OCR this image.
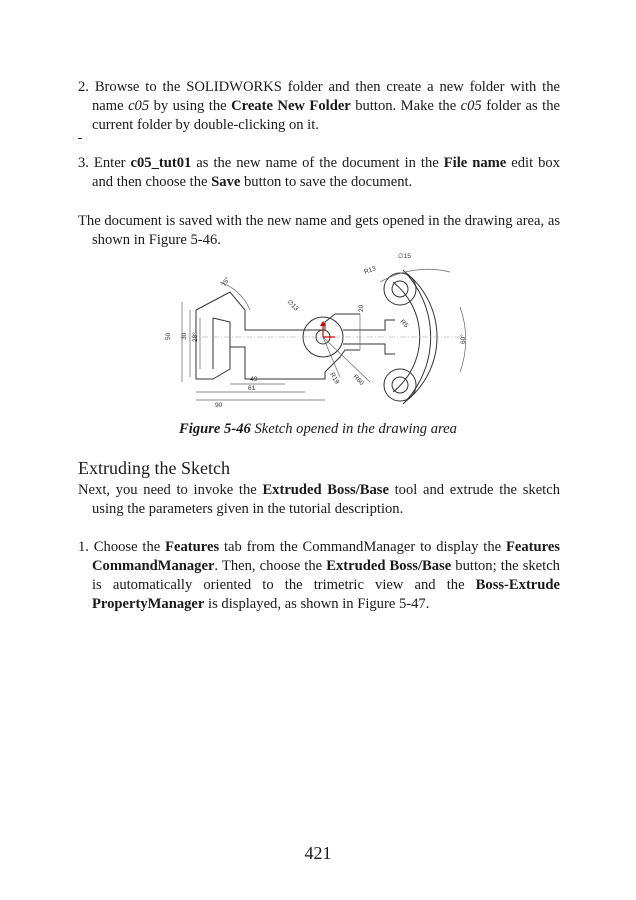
2. Browse to the SOLIDWORKS folder and then create a new folder with the name c05 by using the Create New Folder button. Make the c05 folder as the current folder by double-clicking on it.

3. Enter c05_tut01 as the new name of the document in the File name edit box and then choose the Save button to save the document.

The document is saved with the new name and gets opened in the drawing area, as shown in Figure 5-46.

∅15
R13
75°
∅13	20
R5
60°
50 30 28°
R19 R60
49
61
90
Figure 5-46 Sketch opened in the drawing area
Extruding the Sketch

Next, you need to invoke the Extruded Boss/Base tool and extrude the sketch using the parameters given in the tutorial description.

1. Choose the Features tab from the CommandManager to display the Features CommandManager. Then, choose the Extruded Boss/Base button; the sketch is automatically oriented to the trimetric view and the Boss-Extrude PropertyManager is displayed, as shown in Figure 5-47.

421
